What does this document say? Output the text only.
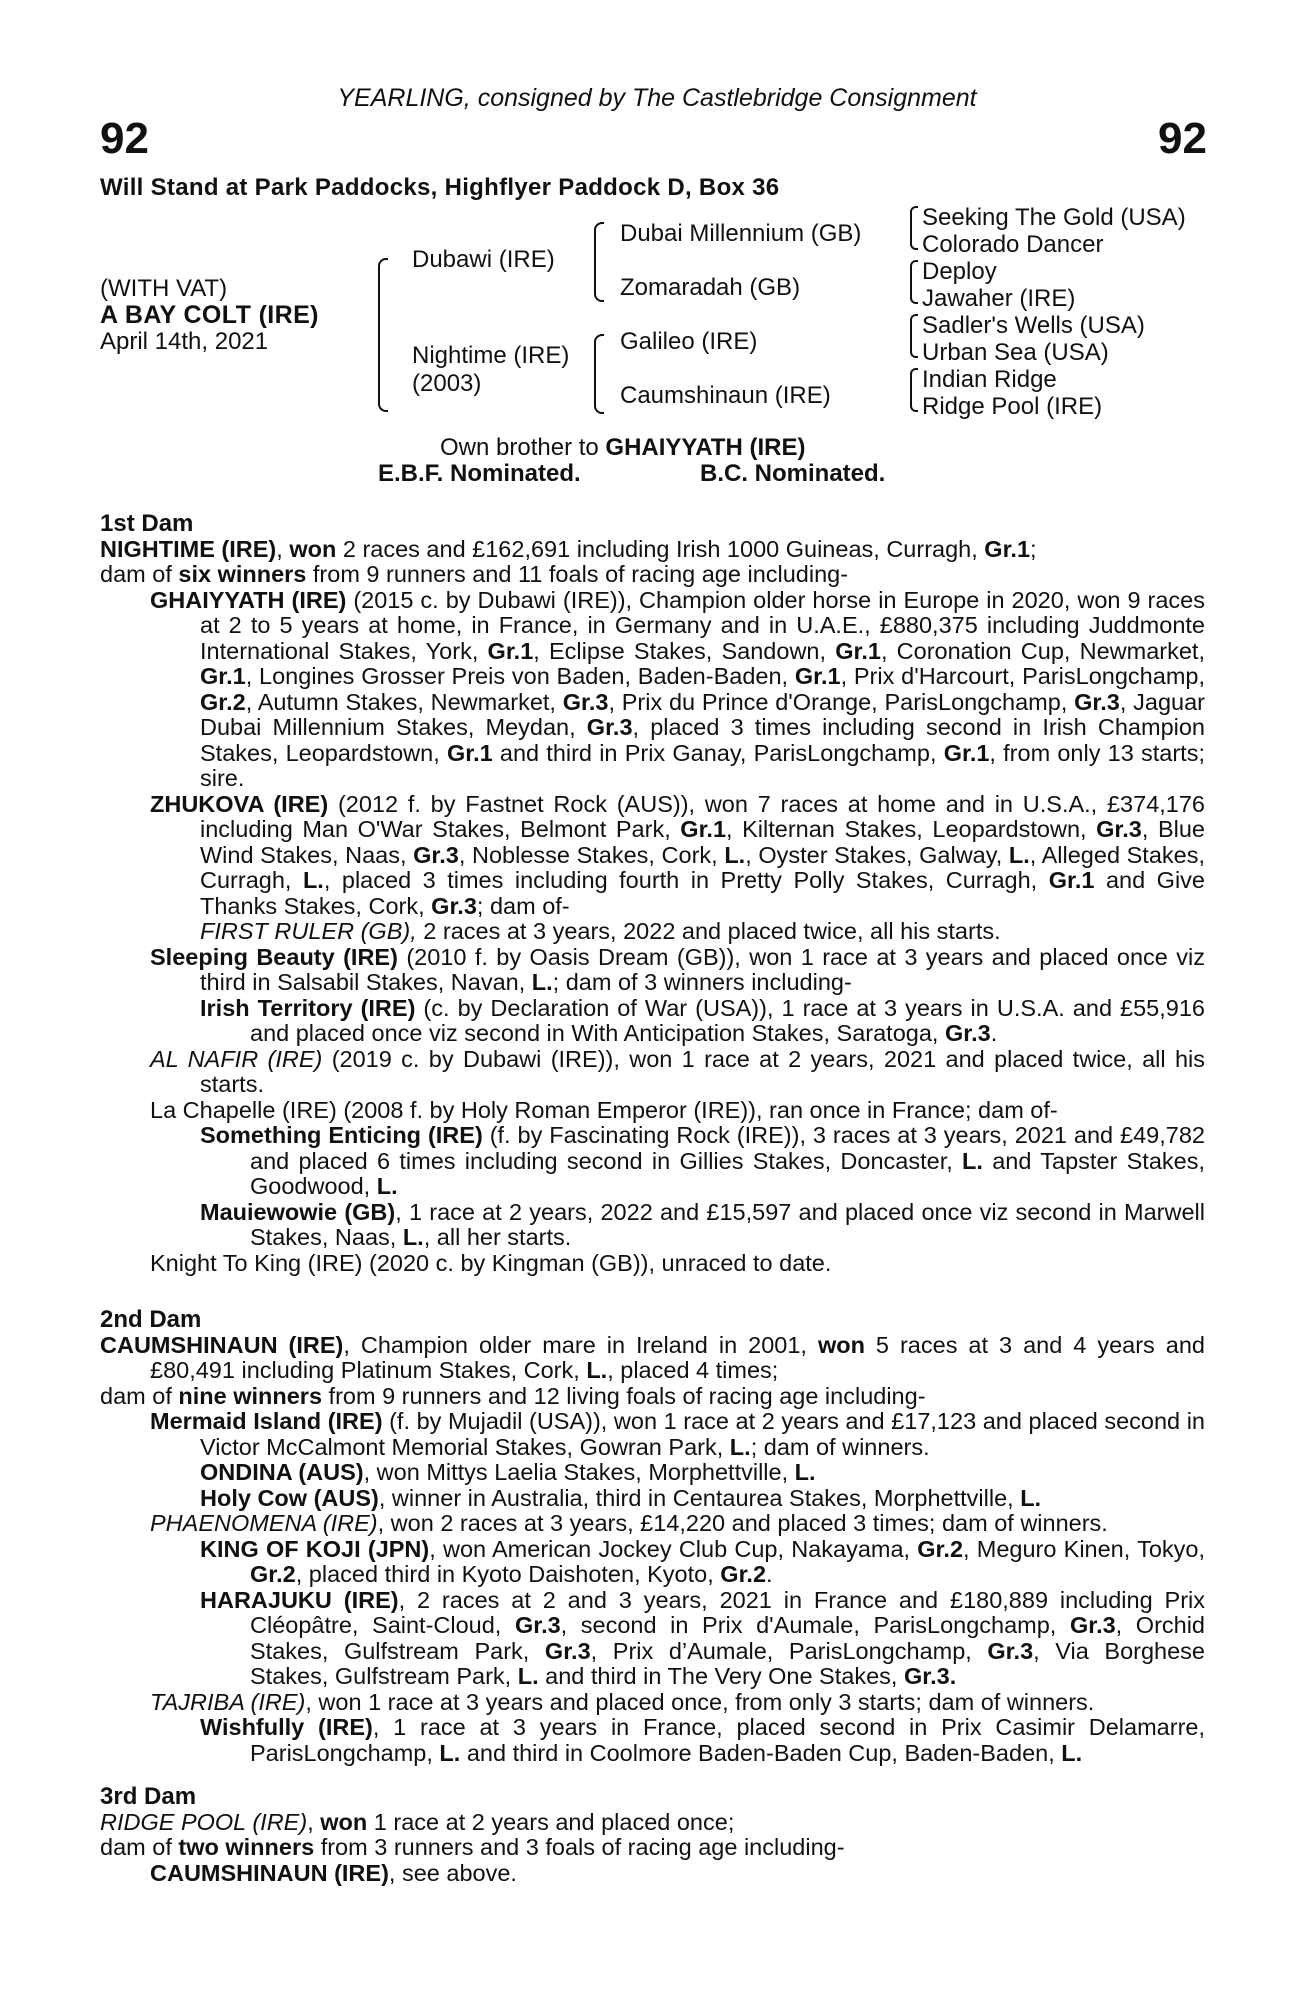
92	92
YEARLING, consigned by The Castlebridge Consignment
Will Stand at Park Paddocks, Highflyer Paddock D, Box 36
(WITH VAT)
A BAY COLT (IRE)
April 14th, 2021
Dubawi (IRE)
Nightime (IRE)
(2003)
Dubai Millennium (GB)
Zomaradah (GB)
Galileo (IRE)
Caumshinaun (IRE)
Seeking The Gold (USA)
Colorado Dancer
Deploy
Jawaher (IRE)
Sadler's Wells (USA)
Urban Sea (USA)
Indian Ridge
Ridge Pool (IRE)
Own brother to GHAIYYATH (IRE)
E.B.F. Nominated.	B.C. Nominated.

1st Dam

NIGHTIME (IRE), won 2 races and £162,691 including Irish 1000 Guineas, Curragh, Gr.1;

dam of six winners from 9 runners and 11 foals of racing age including-

GHAIYYATH (IRE) (2015 c. by Dubawi (IRE)), Champion older horse in Europe in 2020, won 9 races at 2 to 5 years at home, in France, in Germany and in U.A.E., £880,375 including Juddmonte International Stakes, York, Gr.1, Eclipse Stakes, Sandown, Gr.1, Coronation Cup, Newmarket, Gr.1, Longines Grosser Preis von Baden, Baden-Baden, Gr.1, Prix d'Harcourt, ParisLongchamp, Gr.2, Autumn Stakes, Newmarket, Gr.3, Prix du Prince d'Orange, ParisLongchamp, Gr.3, Jaguar Dubai Millennium Stakes, Meydan, Gr.3, placed 3 times including second in Irish Champion Stakes, Leopardstown, Gr.1 and third in Prix Ganay, ParisLongchamp, Gr.1, from only 13 starts; sire.

ZHUKOVA (IRE) (2012 f. by Fastnet Rock (AUS)), won 7 races at home and in U.S.A., £374,176 including Man O'War Stakes, Belmont Park, Gr.1, Kilternan Stakes, Leopardstown, Gr.3, Blue Wind Stakes, Naas, Gr.3, Noblesse Stakes, Cork, L., Oyster Stakes, Galway, L., Alleged Stakes, Curragh, L., placed 3 times including fourth in Pretty Polly Stakes, Curragh, Gr.1 and Give Thanks Stakes, Cork, Gr.3; dam of-

FIRST RULER (GB), 2 races at 3 years, 2022 and placed twice, all his starts.

Sleeping Beauty (IRE) (2010 f. by Oasis Dream (GB)), won 1 race at 3 years and placed once viz third in Salsabil Stakes, Navan, L.; dam of 3 winners including-

Irish Territory (IRE) (c. by Declaration of War (USA)), 1 race at 3 years in U.S.A. and £55,916 and placed once viz second in With Anticipation Stakes, Saratoga, Gr.3.

AL NAFIR (IRE) (2019 c. by Dubawi (IRE)), won 1 race at 2 years, 2021 and placed twice, all his starts.

La Chapelle (IRE) (2008 f. by Holy Roman Emperor (IRE)), ran once in France; dam of-

Something Enticing (IRE) (f. by Fascinating Rock (IRE)), 3 races at 3 years, 2021 and £49,782 and placed 6 times including second in Gillies Stakes, Doncaster, L. and Tapster Stakes, Goodwood, L.

Mauiewowie (GB), 1 race at 2 years, 2022 and £15,597 and placed once viz second in Marwell Stakes, Naas, L., all her starts.

Knight To King (IRE) (2020 c. by Kingman (GB)), unraced to date.

2nd Dam

CAUMSHINAUN (IRE), Champion older mare in Ireland in 2001, won 5 races at 3 and 4 years and £80,491 including Platinum Stakes, Cork, L., placed 4 times;

dam of nine winners from 9 runners and 12 living foals of racing age including-

Mermaid Island (IRE) (f. by Mujadil (USA)), won 1 race at 2 years and £17,123 and placed second in Victor McCalmont Memorial Stakes, Gowran Park, L.; dam of winners.

ONDINA (AUS), won Mittys Laelia Stakes, Morphettville, L.

Holy Cow (AUS), winner in Australia, third in Centaurea Stakes, Morphettville, L.

PHAENOMENA (IRE), won 2 races at 3 years, £14,220 and placed 3 times; dam of winners.

KING OF KOJI (JPN), won American Jockey Club Cup, Nakayama, Gr.2, Meguro Kinen, Tokyo, Gr.2, placed third in Kyoto Daishoten, Kyoto, Gr.2.

HARAJUKU (IRE), 2 races at 2 and 3 years, 2021 in France and £180,889 including Prix Cléopâtre, Saint-Cloud, Gr.3, second in Prix d'Aumale, ParisLongchamp, Gr.3, Orchid Stakes, Gulfstream Park, Gr.3, Prix d’Aumale, ParisLongchamp, Gr.3, Via Borghese Stakes, Gulfstream Park, L. and third in The Very One Stakes, Gr.3.

TAJRIBA (IRE), won 1 race at 3 years and placed once, from only 3 starts; dam of winners.

Wishfully (IRE), 1 race at 3 years in France, placed second in Prix Casimir Delamarre, ParisLongchamp, L. and third in Coolmore Baden-Baden Cup, Baden-Baden, L.

3rd Dam

RIDGE POOL (IRE), won 1 race at 2 years and placed once;

dam of two winners from 3 runners and 3 foals of racing age including-

CAUMSHINAUN (IRE), see above.
